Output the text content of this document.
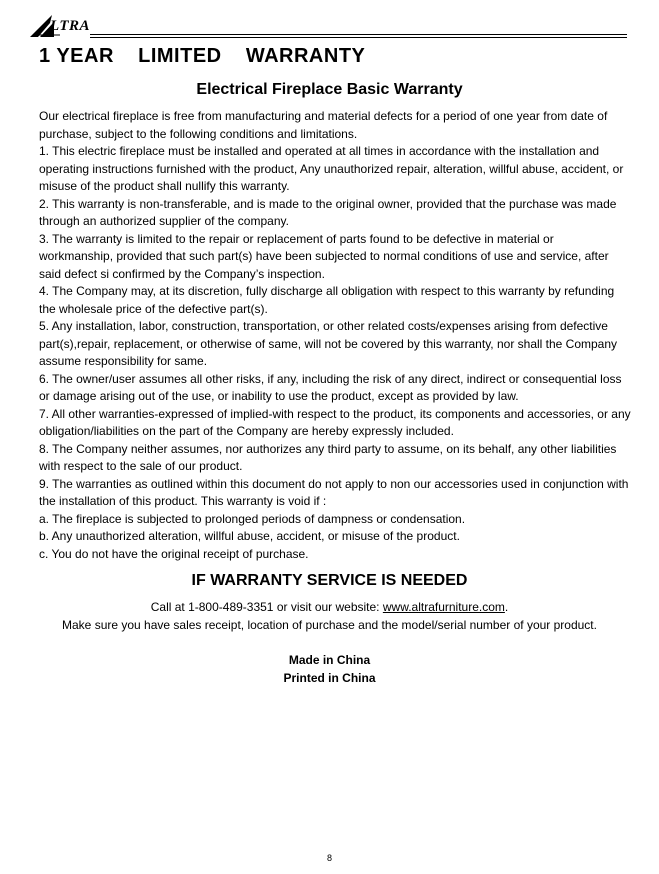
LTRA
1 YEAR    LIMITED    WARRANTY
Electrical Fireplace Basic Warranty

Our electrical fireplace is free from manufacturing and material defects for a period of one year from date of purchase, subject to the following conditions and limitations.

1. This electric fireplace must be installed and operated at all times in accordance with the installation and operating instructions furnished with the product, Any unauthorized repair, alteration, willful abuse, accident, or misuse of the product shall nullify this warranty.

2. This warranty is non-transferable, and is made to the original owner, provided that the purchase was made through an authorized supplier of the company.

3. The warranty is limited to the repair or replacement of parts found to be defective in material or workmanship, provided that such part(s) have been subjected to normal conditions of use and service, after said defect si confirmed by the Company’s inspection.

4. The Company may, at its discretion, fully discharge all obligation with respect to this warranty by refunding the wholesale price of the defective part(s).

5. Any installation, labor, construction, transportation, or other related costs/expenses arising from defective part(s),repair, replacement, or otherwise of same, will not be covered by this warranty, nor shall the Company assume responsibility for same.

6. The owner/user assumes all other risks, if any, including the risk of any direct, indirect or consequential loss or damage arising out of the use, or inability to use the product, except as provided by law.

7. All other warranties-expressed of implied-with respect to the product, its components and accessories, or any obligation/liabilities on the part of the Company are hereby expressly included.

8. The Company neither assumes, nor authorizes any third party to assume, on its behalf, any other liabilities with respect to the sale of our product.

9. The warranties as outlined within this document do not apply to non our accessories used in conjunction with the installation of this product. This warranty is void if :

a. The fireplace is subjected to prolonged periods of dampness or condensation.

b. Any unauthorized alteration, willful abuse, accident, or misuse of the product.

c. You do not have the original receipt of purchase.

IF WARRANTY SERVICE IS NEEDED

Call at 1-800-489-3351 or visit our website: www.altrafurniture.com.

Make sure you have sales receipt, location of purchase and the model/serial number of your product.

Made in China

Printed in China

8
